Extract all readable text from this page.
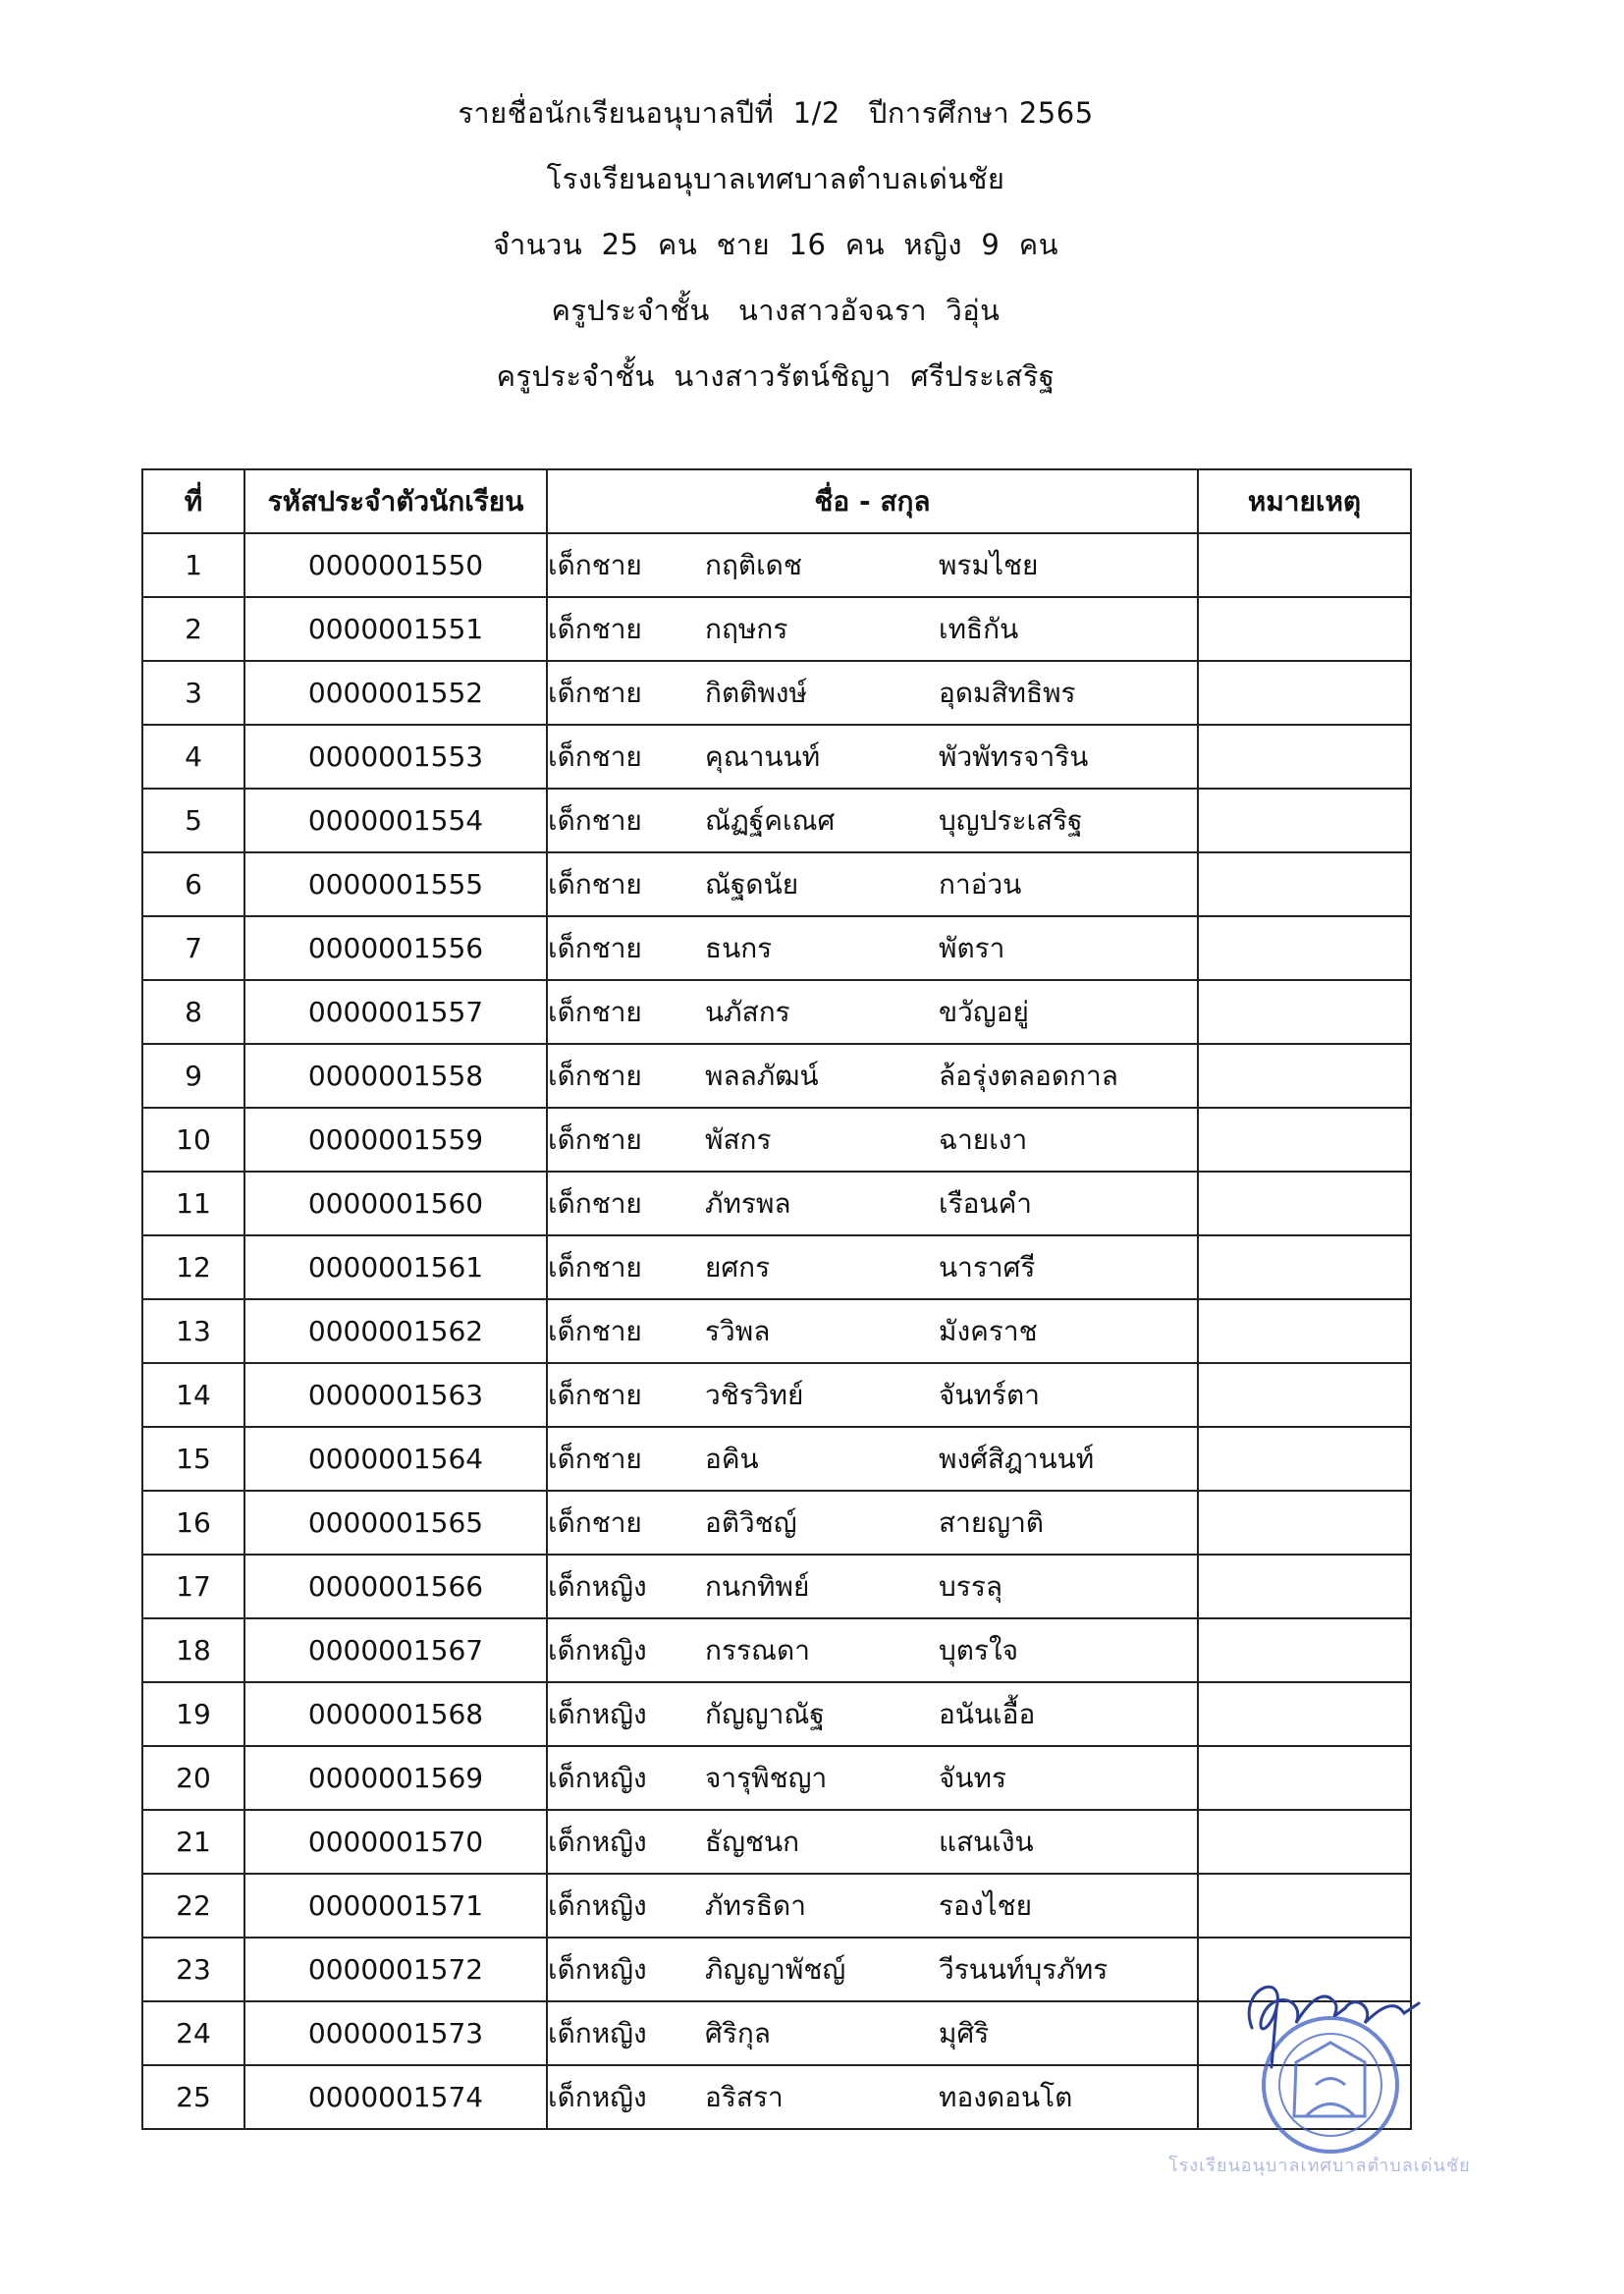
รายชื่อนักเรียนอนุบาลปีที่  1/2   ปีการศึกษา 2565
โรงเรียนอนุบาลเทศบาลตำบลเด่นชัย
จำนวน  25  คน  ชาย  16  คน  หญิง  9  คน
ครูประจำชั้น   นางสาวอัจฉรา  วิอุ่น
ครูประจำชั้น  นางสาวรัตน์ชิญา  ศรีประเสริฐ
ที่	รหัสประจำตัวนักเรียน	ชื่อ - สกุล	หมายเหตุ
1	0000001550	เด็กชาย กฤติเดช พรมไชย	
2	0000001551	เด็กชาย กฤษกร เทธิกัน	
3	0000001552	เด็กชาย กิตติพงษ์ อุดมสิทธิพร	
4	0000001553	เด็กชาย คุณานนท์ พัวพัทรจาริน	
5	0000001554	เด็กชาย ณัฏฐ์คเณศ บุญประเสริฐ	
6	0000001555	เด็กชาย ณัฐดนัย กาอ่วน	
7	0000001556	เด็กชาย ธนกร พัตรา	
8	0000001557	เด็กชาย นภัสกร ขวัญอยู่	
9	0000001558	เด็กชาย พลลภัฒน์ ล้อรุ่งตลอดกาล	
10	0000001559	เด็กชาย พัสกร ฉายเงา	
11	0000001560	เด็กชาย ภัทรพล เรือนคำ	
12	0000001561	เด็กชาย ยศกร นาราศรี	
13	0000001562	เด็กชาย รวิพล มังคราช	
14	0000001563	เด็กชาย วชิรวิทย์ จันทร์ตา	
15	0000001564	เด็กชาย อคิน พงศ์สิฎานนท์	
16	0000001565	เด็กชาย อติวิชญ์ สายญาติ	
17	0000001566	เด็กหญิง กนกทิพย์ บรรลุ	
18	0000001567	เด็กหญิง กรรณดา บุตรใจ	
19	0000001568	เด็กหญิง กัญญาณัฐ อนันเอื้อ	
20	0000001569	เด็กหญิง จารุพิชญา จันทร	
21	0000001570	เด็กหญิง ธัญชนก แสนเงิน	
22	0000001571	เด็กหญิง ภัทรธิดา รองไชย	
23	0000001572	เด็กหญิง ภิญญาพัชญ์ วีรนนท์บุรภัทร	
24	0000001573	เด็กหญิง ศิริกุล มุศิริ	
25	0000001574	เด็กหญิง อริสรา ทองดอนโต	
โรงเรียนอนุบาลเทศบาลตำบลเด่นชัย
